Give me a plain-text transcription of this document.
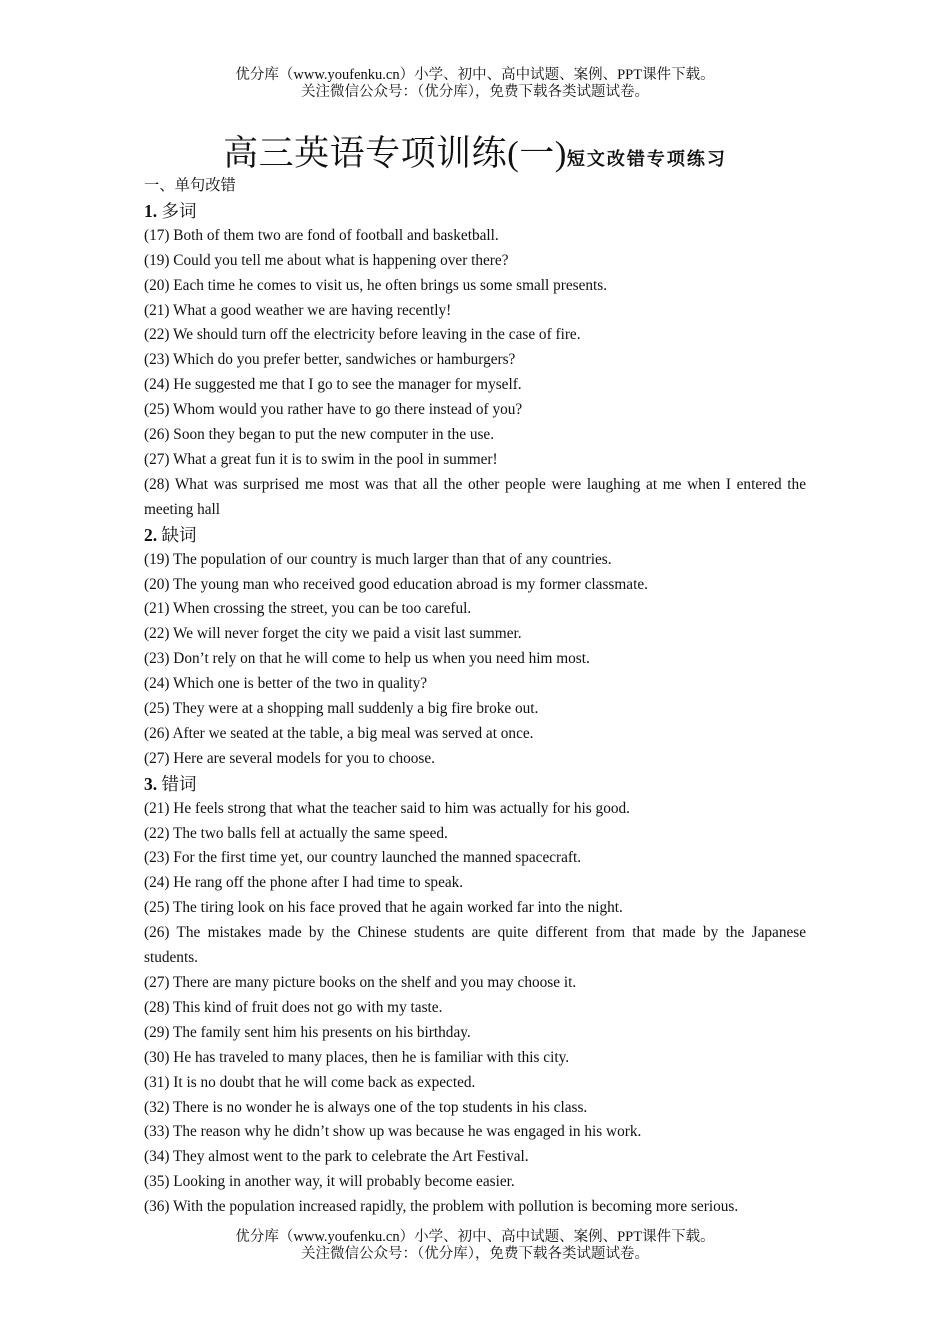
优分库（www.youfenku.cn）小学、初中、高中试题、案例、PPT课件下载。
关注微信公众号：（优分库），免费下载各类试题试卷。
高三英语专项训练(一)短文改错专项练习
一、单句改错
1. 多词
(17) Both of them two are fond of football and basketball.
(19) Could you tell me about what is happening over there?
(20) Each time he comes to visit us, he often brings us some small presents.
(21) What a good weather we are having recently!
(22) We should turn off the electricity before leaving in the case of fire.
(23) Which do you prefer better, sandwiches or hamburgers?
(24) He suggested me that I go to see the manager for myself.
(25) Whom would you rather have to go there instead of you?
(26) Soon they began to put the new computer in the use.
(27) What a great fun it is to swim in the pool in summer!
(28) What was surprised me most was that all the other people were laughing at me when I entered the meeting hall
2. 缺词
(19) The population of our country is much larger than that of any countries.
(20) The young man who received good education abroad is my former classmate.
(21) When crossing the street, you can be too careful.
(22) We will never forget the city we paid a visit last summer.
(23) Don’t rely on that he will come to help us when you need him most.
(24) Which one is better of the two in quality?
(25) They were at a shopping mall suddenly a big fire broke out.
(26) After we seated at the table, a big meal was served at once.
(27) Here are several models for you to choose.
3. 错词
(21) He feels strong that what the teacher said to him was actually for his good.
(22) The two balls fell at actually the same speed.
(23) For the first time yet, our country launched the manned spacecraft.
(24) He rang off the phone after I had time to speak.
(25) The tiring look on his face proved that he again worked far into the night.
(26) The mistakes made by the Chinese students are quite different from that made by the Japanese students.
(27) There are many picture books on the shelf and you may choose it.
(28) This kind of fruit does not go with my taste.
(29) The family sent him his presents on his birthday.
(30) He has traveled to many places, then he is familiar with this city.
(31) It is no doubt that he will come back as expected.
(32) There is no wonder he is always one of the top students in his class.
(33) The reason why he didn’t show up was because he was engaged in his work.
(34) They almost went to the park to celebrate the Art Festival.
(35) Looking in another way, it will probably become easier.
(36) With the population increased rapidly, the problem with pollution is becoming more serious.
优分库（www.youfenku.cn）小学、初中、高中试题、案例、PPT课件下载。
关注微信公众号：（优分库），免费下载各类试题试卷。
